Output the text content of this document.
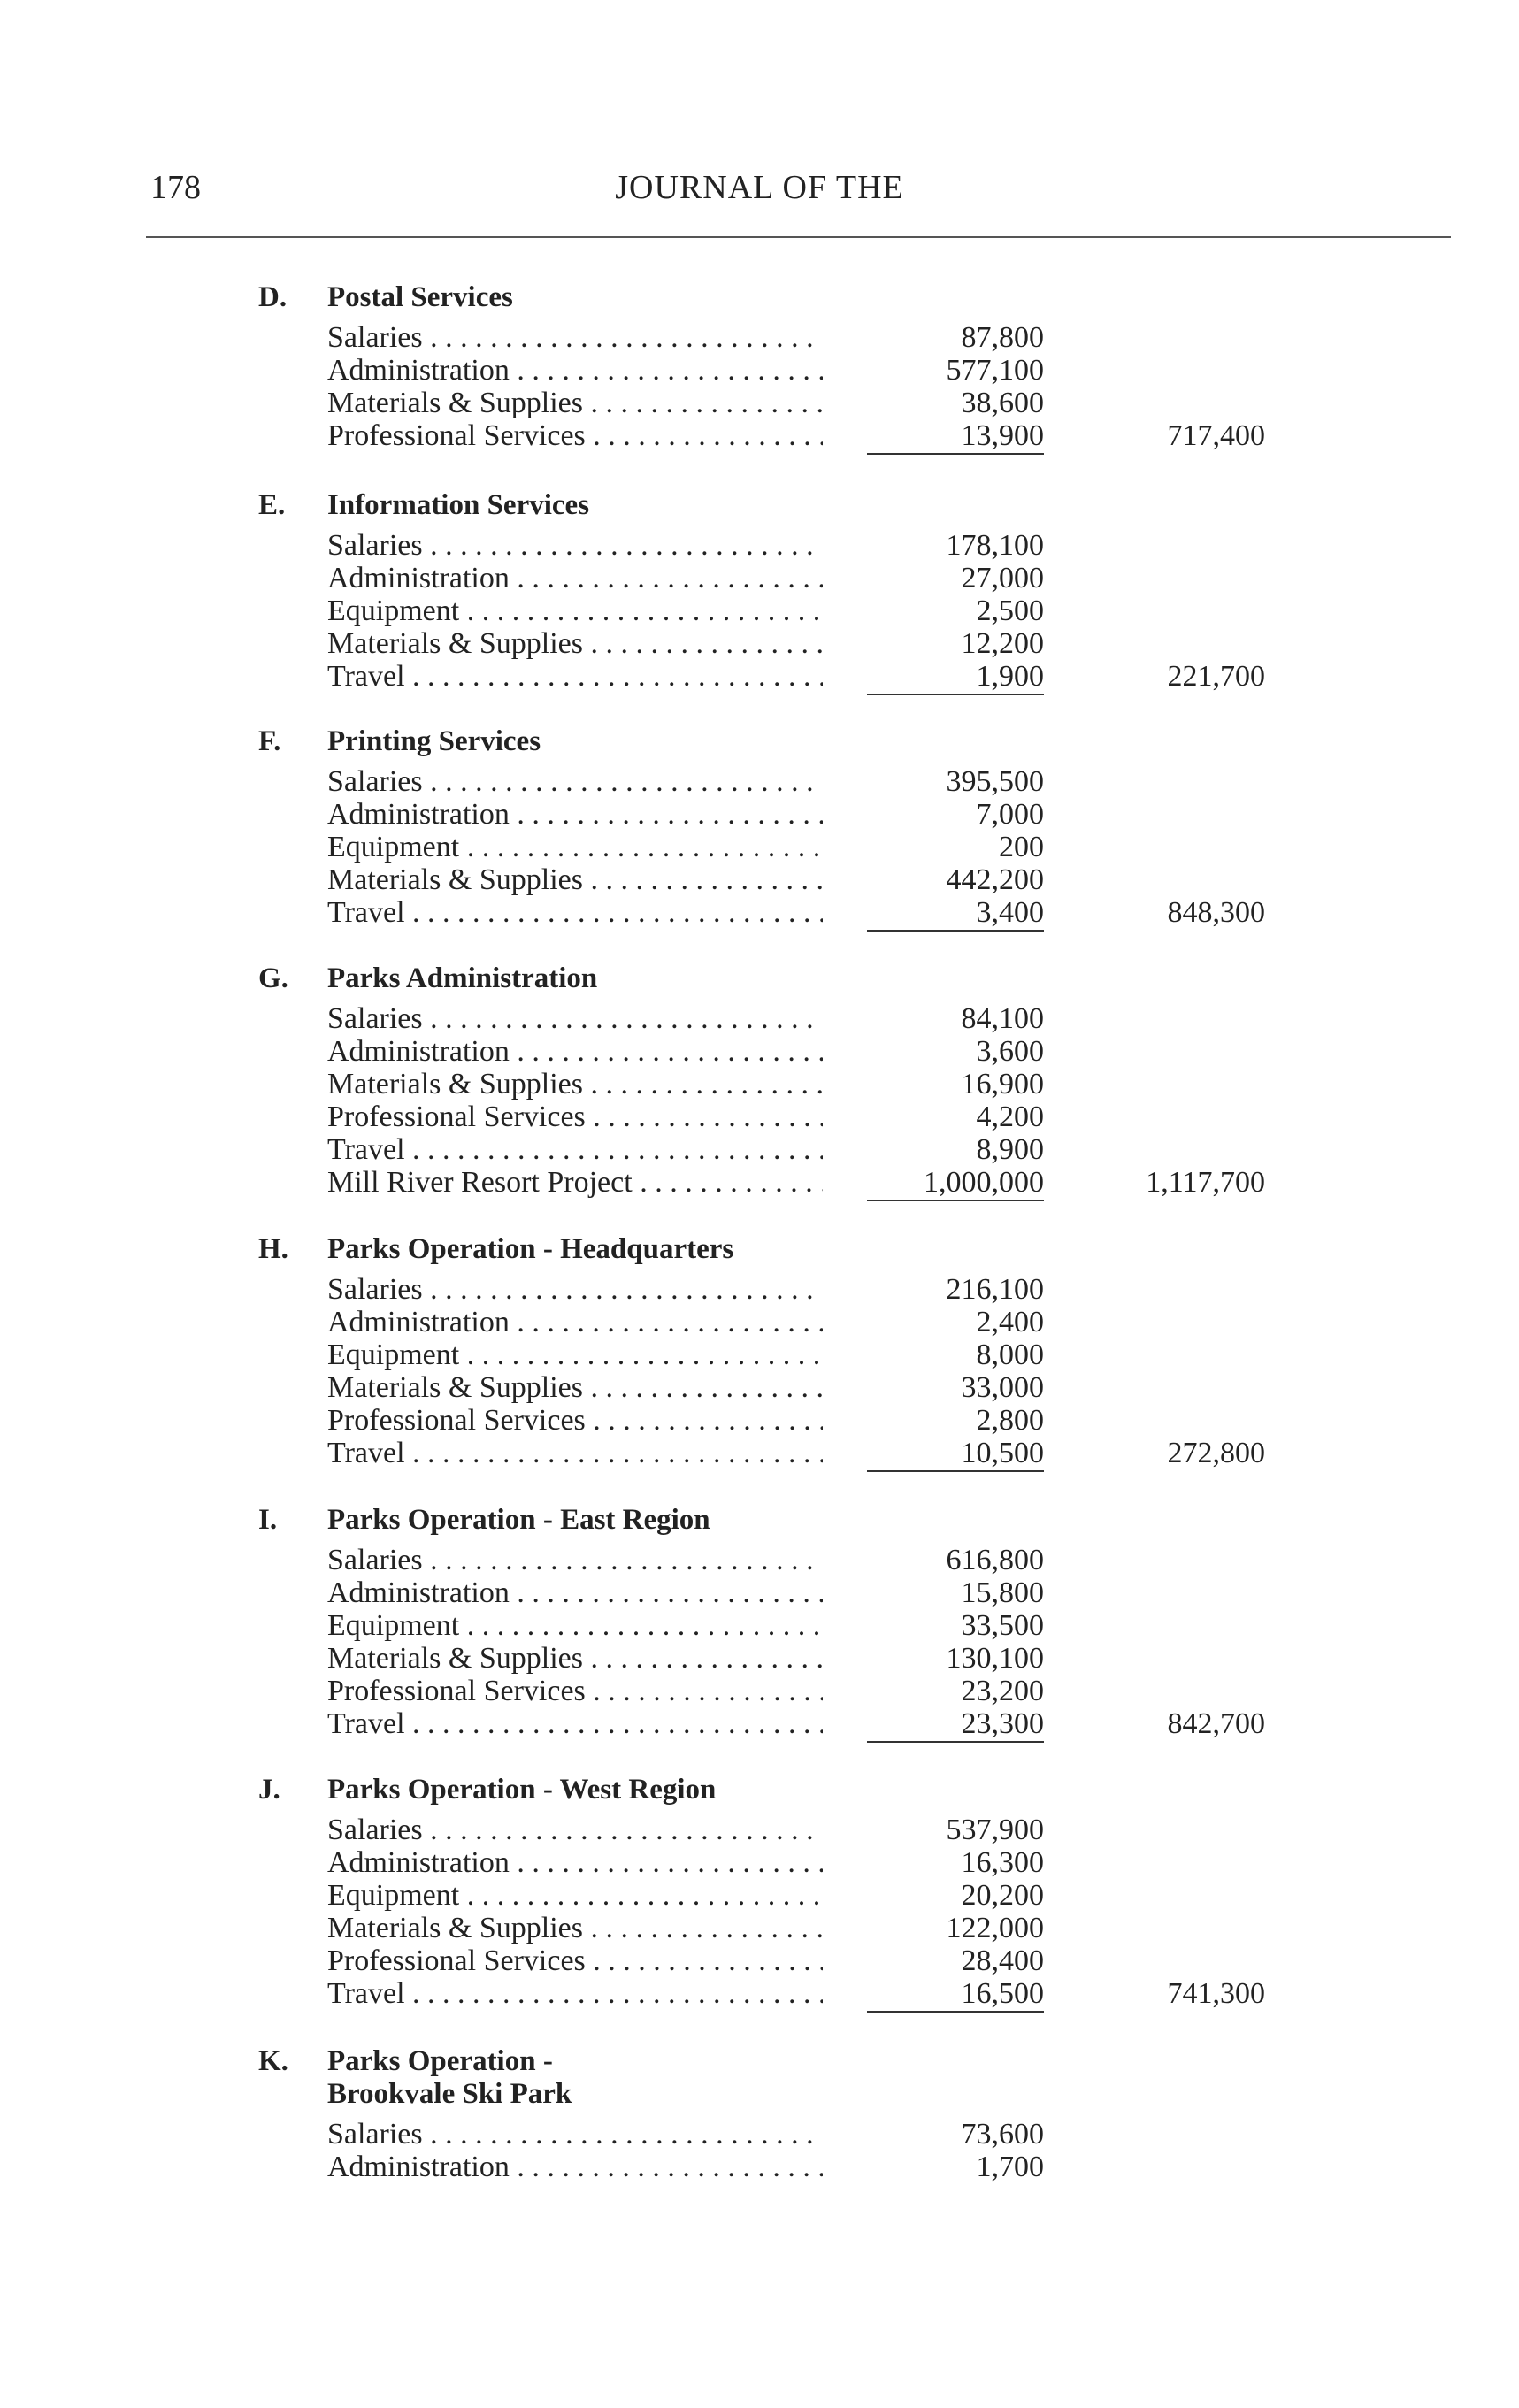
178	JOURNAL OF THE
D. Postal Services
Salaries . . .	87,800
Administration . . .	577,100
Materials & Supplies . . .	38,600
Professional Services . . .	13,900	717,400
E. Information Services
Salaries . . .	178,100
Administration . . .	27,000
Equipment . . .	2,500
Materials & Supplies . . .	12,200
Travel . . .	1,900	221,700
F. Printing Services
Salaries . . .	395,500
Administration . . .	7,000
Equipment . . .	200
Materials & Supplies . . .	442,200
Travel . . .	3,400	848,300
G. Parks Administration
Salaries . . .	84,100
Administration . . .	3,600
Materials & Supplies . . .	16,900
Professional Services . . .	4,200
Travel . . .	8,900
Mill River Resort Project . . .	1,000,000	1,117,700
H. Parks Operation - Headquarters
Salaries . . .	216,100
Administration . . .	2,400
Equipment . . .	8,000
Materials & Supplies . . .	33,000
Professional Services . . .	2,800
Travel . . .	10,500	272,800
I. Parks Operation - East Region
Salaries . . .	616,800
Administration . . .	15,800
Equipment . . .	33,500
Materials & Supplies . . .	130,100
Professional Services . . .	23,200
Travel . . .	23,300	842,700
J. Parks Operation - West Region
Salaries . . .	537,900
Administration . . .	16,300
Equipment . . .	20,200
Materials & Supplies . . .	122,000
Professional Services . . .	28,400
Travel . . .	16,500	741,300
K. Parks Operation -
Brookvale Ski Park
Salaries . . .	73,600
Administration . . .	1,700
